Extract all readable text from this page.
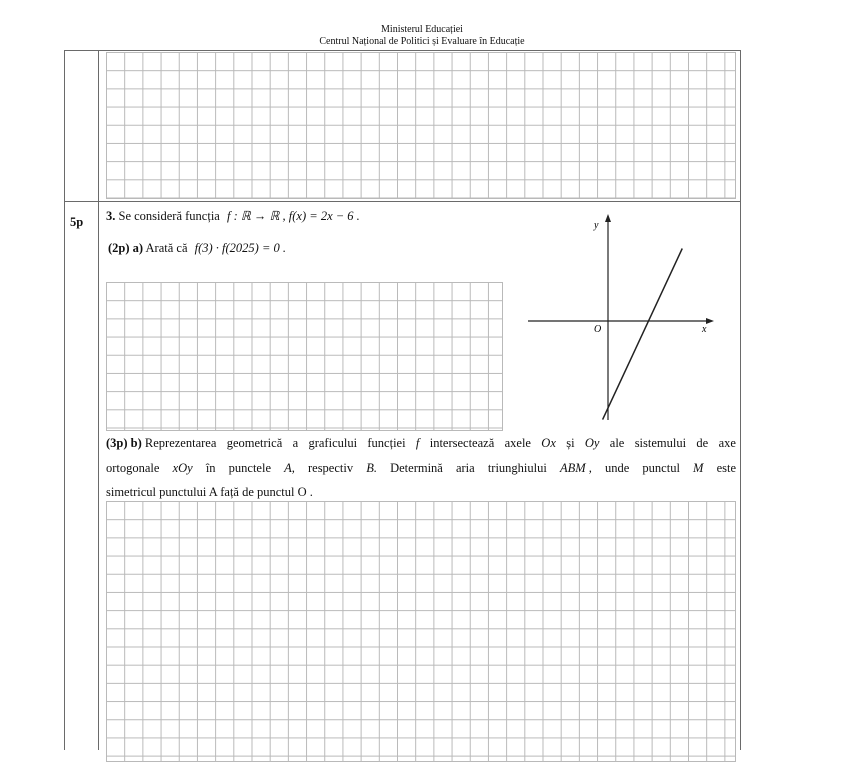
Ministerul Educației
Centrul Național de Politici și Evaluare în Educație
5p 3. Se consideră funcția f : ℝ → ℝ , f(x) = 2x − 6 .
(2p) a) Arată că f(3) · f(2025) = 0 .
y
x
O
(3p) b) Reprezentarea geometrică a graficului funcției f intersectează axele Ox și Oy ale sistemului de axe
ortogonale xOy în punctele A, respectiv B. Determină aria triunghiului ABM , unde punctul M este
simetricul punctului A față de punctul O .
